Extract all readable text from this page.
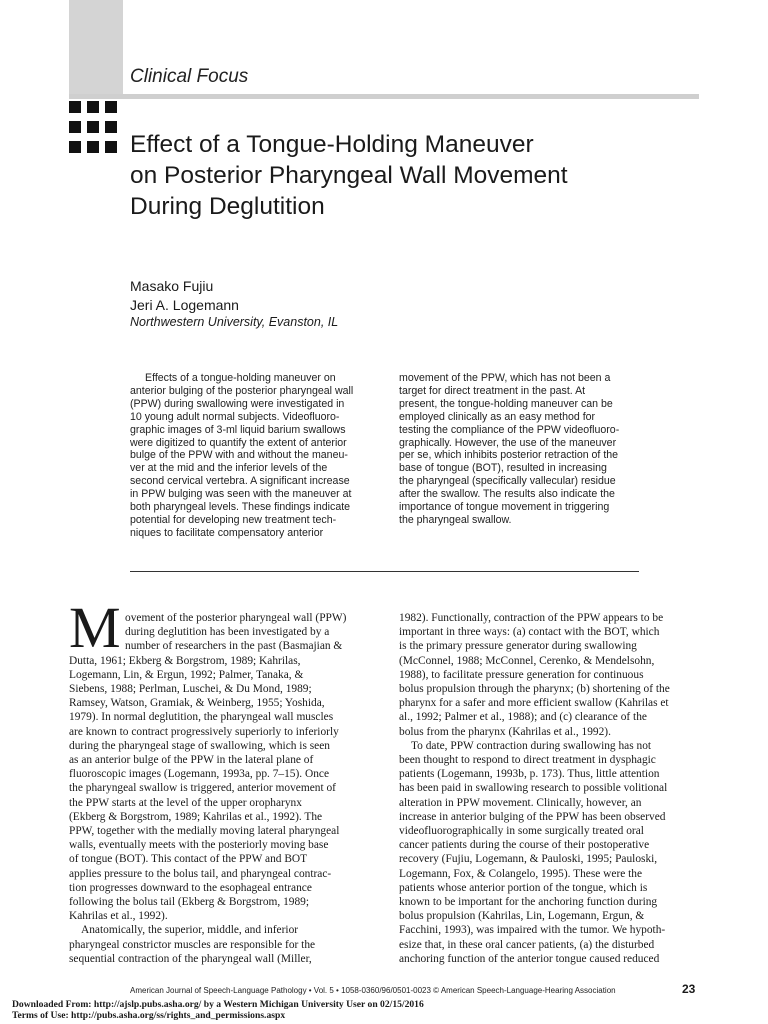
Clinical Focus
Effect of a Tongue-Holding Maneuver
on Posterior Pharyngeal Wall Movement
During Deglutition
Masako Fujiu
Jeri A. Logemann
Northwestern University, Evanston, IL
Effects of a tongue-holding maneuver on
anterior bulging of the posterior pharyngeal wall
(PPW) during swallowing were investigated in
10 young adult normal subjects. Videofluoro-
graphic images of 3-ml liquid barium swallows
were digitized to quantify the extent of anterior
bulge of the PPW with and without the maneu-
ver at the mid and the inferior levels of the
second cervical vertebra. A significant increase
in PPW bulging was seen with the maneuver at
both pharyngeal levels. These findings indicate
potential for developing new treatment tech-
niques to facilitate compensatory anterior
movement of the PPW, which has not been a
target for direct treatment in the past. At
present, the tongue-holding maneuver can be
employed clinically as an easy method for
testing the compliance of the PPW videofluoro-
graphically. However, the use of the maneuver
per se, which inhibits posterior retraction of the
base of tongue (BOT), resulted in increasing
the pharyngeal (specifically vallecular) residue
after the swallow. The results also indicate the
importance of tongue movement in triggering
the pharyngeal swallow.
M ovement of the posterior pharyngeal wall (PPW)
during deglutition has been investigated by a
number of researchers in the past (Basmajian &
Dutta, 1961; Ekberg & Borgstrom, 1989; Kahrilas,
Logemann, Lin, & Ergun, 1992; Palmer, Tanaka, &
Siebens, 1988; Perlman, Luschei, & Du Mond, 1989;
Ramsey, Watson, Gramiak, & Weinberg, 1955; Yoshida,
1979). In normal deglutition, the pharyngeal wall muscles
are known to contract progressively superiorly to inferiorly
during the pharyngeal stage of swallowing, which is seen
as an anterior bulge of the PPW in the lateral plane of
fluoroscopic images (Logemann, 1993a, pp. 7–15). Once
the pharyngeal swallow is triggered, anterior movement of
the PPW starts at the level of the upper oropharynx
(Ekberg & Borgstrom, 1989; Kahrilas et al., 1992). The
PPW, together with the medially moving lateral pharyngeal
walls, eventually meets with the posteriorly moving base
of tongue (BOT). This contact of the PPW and BOT
applies pressure to the bolus tail, and pharyngeal contrac-
tion progresses downward to the esophageal entrance
following the bolus tail (Ekberg & Borgstrom, 1989;
Kahrilas et al., 1992).
Anatomically, the superior, middle, and inferior
pharyngeal constrictor muscles are responsible for the
sequential contraction of the pharyngeal wall (Miller,
1982). Functionally, contraction of the PPW appears to be
important in three ways: (a) contact with the BOT, which
is the primary pressure generator during swallowing
(McConnel, 1988; McConnel, Cerenko, & Mendelsohn,
1988), to facilitate pressure generation for continuous
bolus propulsion through the pharynx; (b) shortening of the
pharynx for a safer and more efficient swallow (Kahrilas et
al., 1992; Palmer et al., 1988); and (c) clearance of the
bolus from the pharynx (Kahrilas et al., 1992).
To date, PPW contraction during swallowing has not
been thought to respond to direct treatment in dysphagic
patients (Logemann, 1993b, p. 173). Thus, little attention
has been paid in swallowing research to possible volitional
alteration in PPW movement. Clinically, however, an
increase in anterior bulging of the PPW has been observed
videofluorographically in some surgically treated oral
cancer patients during the course of their postoperative
recovery (Fujiu, Logemann, & Pauloski, 1995; Pauloski,
Logemann, Fox, & Colangelo, 1995). These were the
patients whose anterior portion of the tongue, which is
known to be important for the anchoring function during
bolus propulsion (Kahrilas, Lin, Logemann, Ergun, &
Facchini, 1993), was impaired with the tumor. We hypoth-
esize that, in these oral cancer patients, (a) the disturbed
anchoring function of the anterior tongue caused reduced
American Journal of Speech-Language Pathology • Vol. 5 • 1058-0360/96/0501-0023 © American Speech-Language-Hearing Association	23
Downloaded From: http://ajslp.pubs.asha.org/ by a Western Michigan University User on 02/15/2016
Terms of Use: http://pubs.asha.org/ss/rights_and_permissions.aspx
